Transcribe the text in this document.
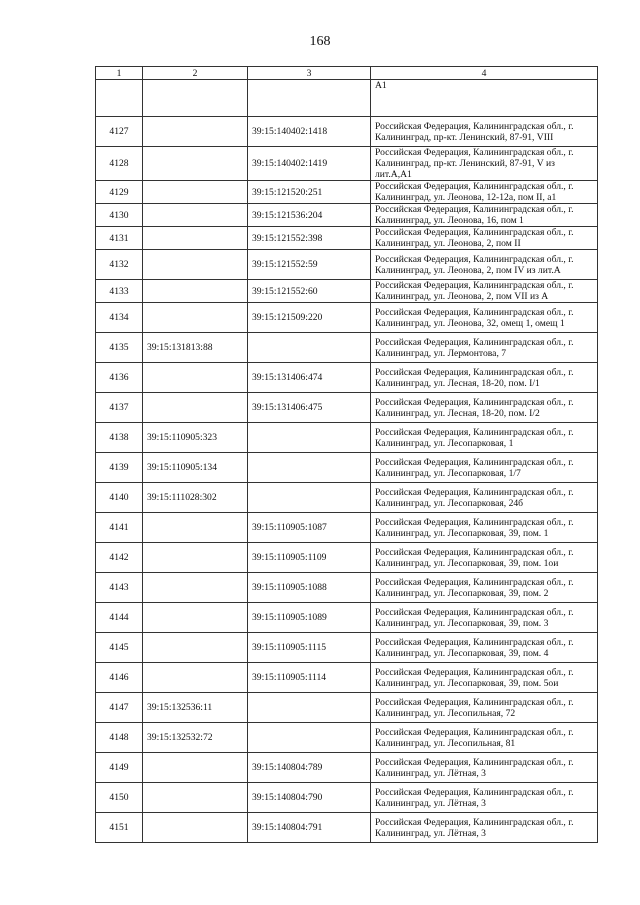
168
1	2	3	4
			А1
4127		39:15:140402:1418	Российская Федерация, Калининградская обл., г. Калининград, пр-кт. Ленинский, 87-91, VIII
4128		39:15:140402:1419	Российская Федерация, Калининградская обл., г. Калининград, пр-кт. Ленинский, 87-91, V из лит.А,А1
4129		39:15:121520:251	Российская Федерация, Калининградская обл., г. Калининград, ул. Леонова, 12-12а, пом II, а1
4130		39:15:121536:204	Российская Федерация, Калининградская обл., г. Калининград, ул. Леонова, 16, пом 1
4131		39:15:121552:398	Российская Федерация, Калининградская обл., г. Калининград, ул. Леонова, 2, пом II
4132		39:15:121552:59	Российская Федерация, Калининградская обл., г. Калининград, ул. Леонова, 2, пом IV из лит.А
4133		39:15:121552:60	Российская Федерация, Калининградская обл., г. Калининград, ул. Леонова, 2, пом VII из А
4134		39:15:121509:220	Российская Федерация, Калининградская обл., г. Калининград, ул. Леонова, 32, омещ 1, омещ 1
4135	39:15:131813:88		Российская Федерация, Калининградская обл., г. Калининград, ул. Лермонтова, 7
4136		39:15:131406:474	Российская Федерация, Калининградская обл., г. Калининград, ул. Лесная, 18-20, пом. I/1
4137		39:15:131406:475	Российская Федерация, Калининградская обл., г. Калининград, ул. Лесная, 18-20, пом. I/2
4138	39:15:110905:323		Российская Федерация, Калининградская обл., г. Калининград, ул. Лесопарковая, 1
4139	39:15:110905:134		Российская Федерация, Калининградская обл., г. Калининград, ул. Лесопарковая, 1/7
4140	39:15:111028:302		Российская Федерация, Калининградская обл., г. Калининград, ул. Лесопарковая, 24б
4141		39:15:110905:1087	Российская Федерация, Калининградская обл., г. Калининград, ул. Лесопарковая, 39, пом. 1
4142		39:15:110905:1109	Российская Федерация, Калининградская обл., г. Калининград, ул. Лесопарковая, 39, пом. 1ои
4143		39:15:110905:1088	Российская Федерация, Калининградская обл., г. Калининград, ул. Лесопарковая, 39, пом. 2
4144		39:15:110905:1089	Российская Федерация, Калининградская обл., г. Калининград, ул. Лесопарковая, 39, пом. 3
4145		39:15:110905:1115	Российская Федерация, Калининградская обл., г. Калининград, ул. Лесопарковая, 39, пом. 4
4146		39:15:110905:1114	Российская Федерация, Калининградская обл., г. Калининград, ул. Лесопарковая, 39, пом. 5ои
4147	39:15:132536:11		Российская Федерация, Калининградская обл., г. Калининград, ул. Лесопильная, 72
4148	39:15:132532:72		Российская Федерация, Калининградская обл., г. Калининград, ул. Лесопильная, 81
4149		39:15:140804:789	Российская Федерация, Калининградская обл., г. Калининград, ул. Лётная, 3
4150		39:15:140804:790	Российская Федерация, Калининградская обл., г. Калининград, ул. Лётная, 3
4151		39:15:140804:791	Российская Федерация, Калининградская обл., г. Калининград, ул. Лётная, 3
